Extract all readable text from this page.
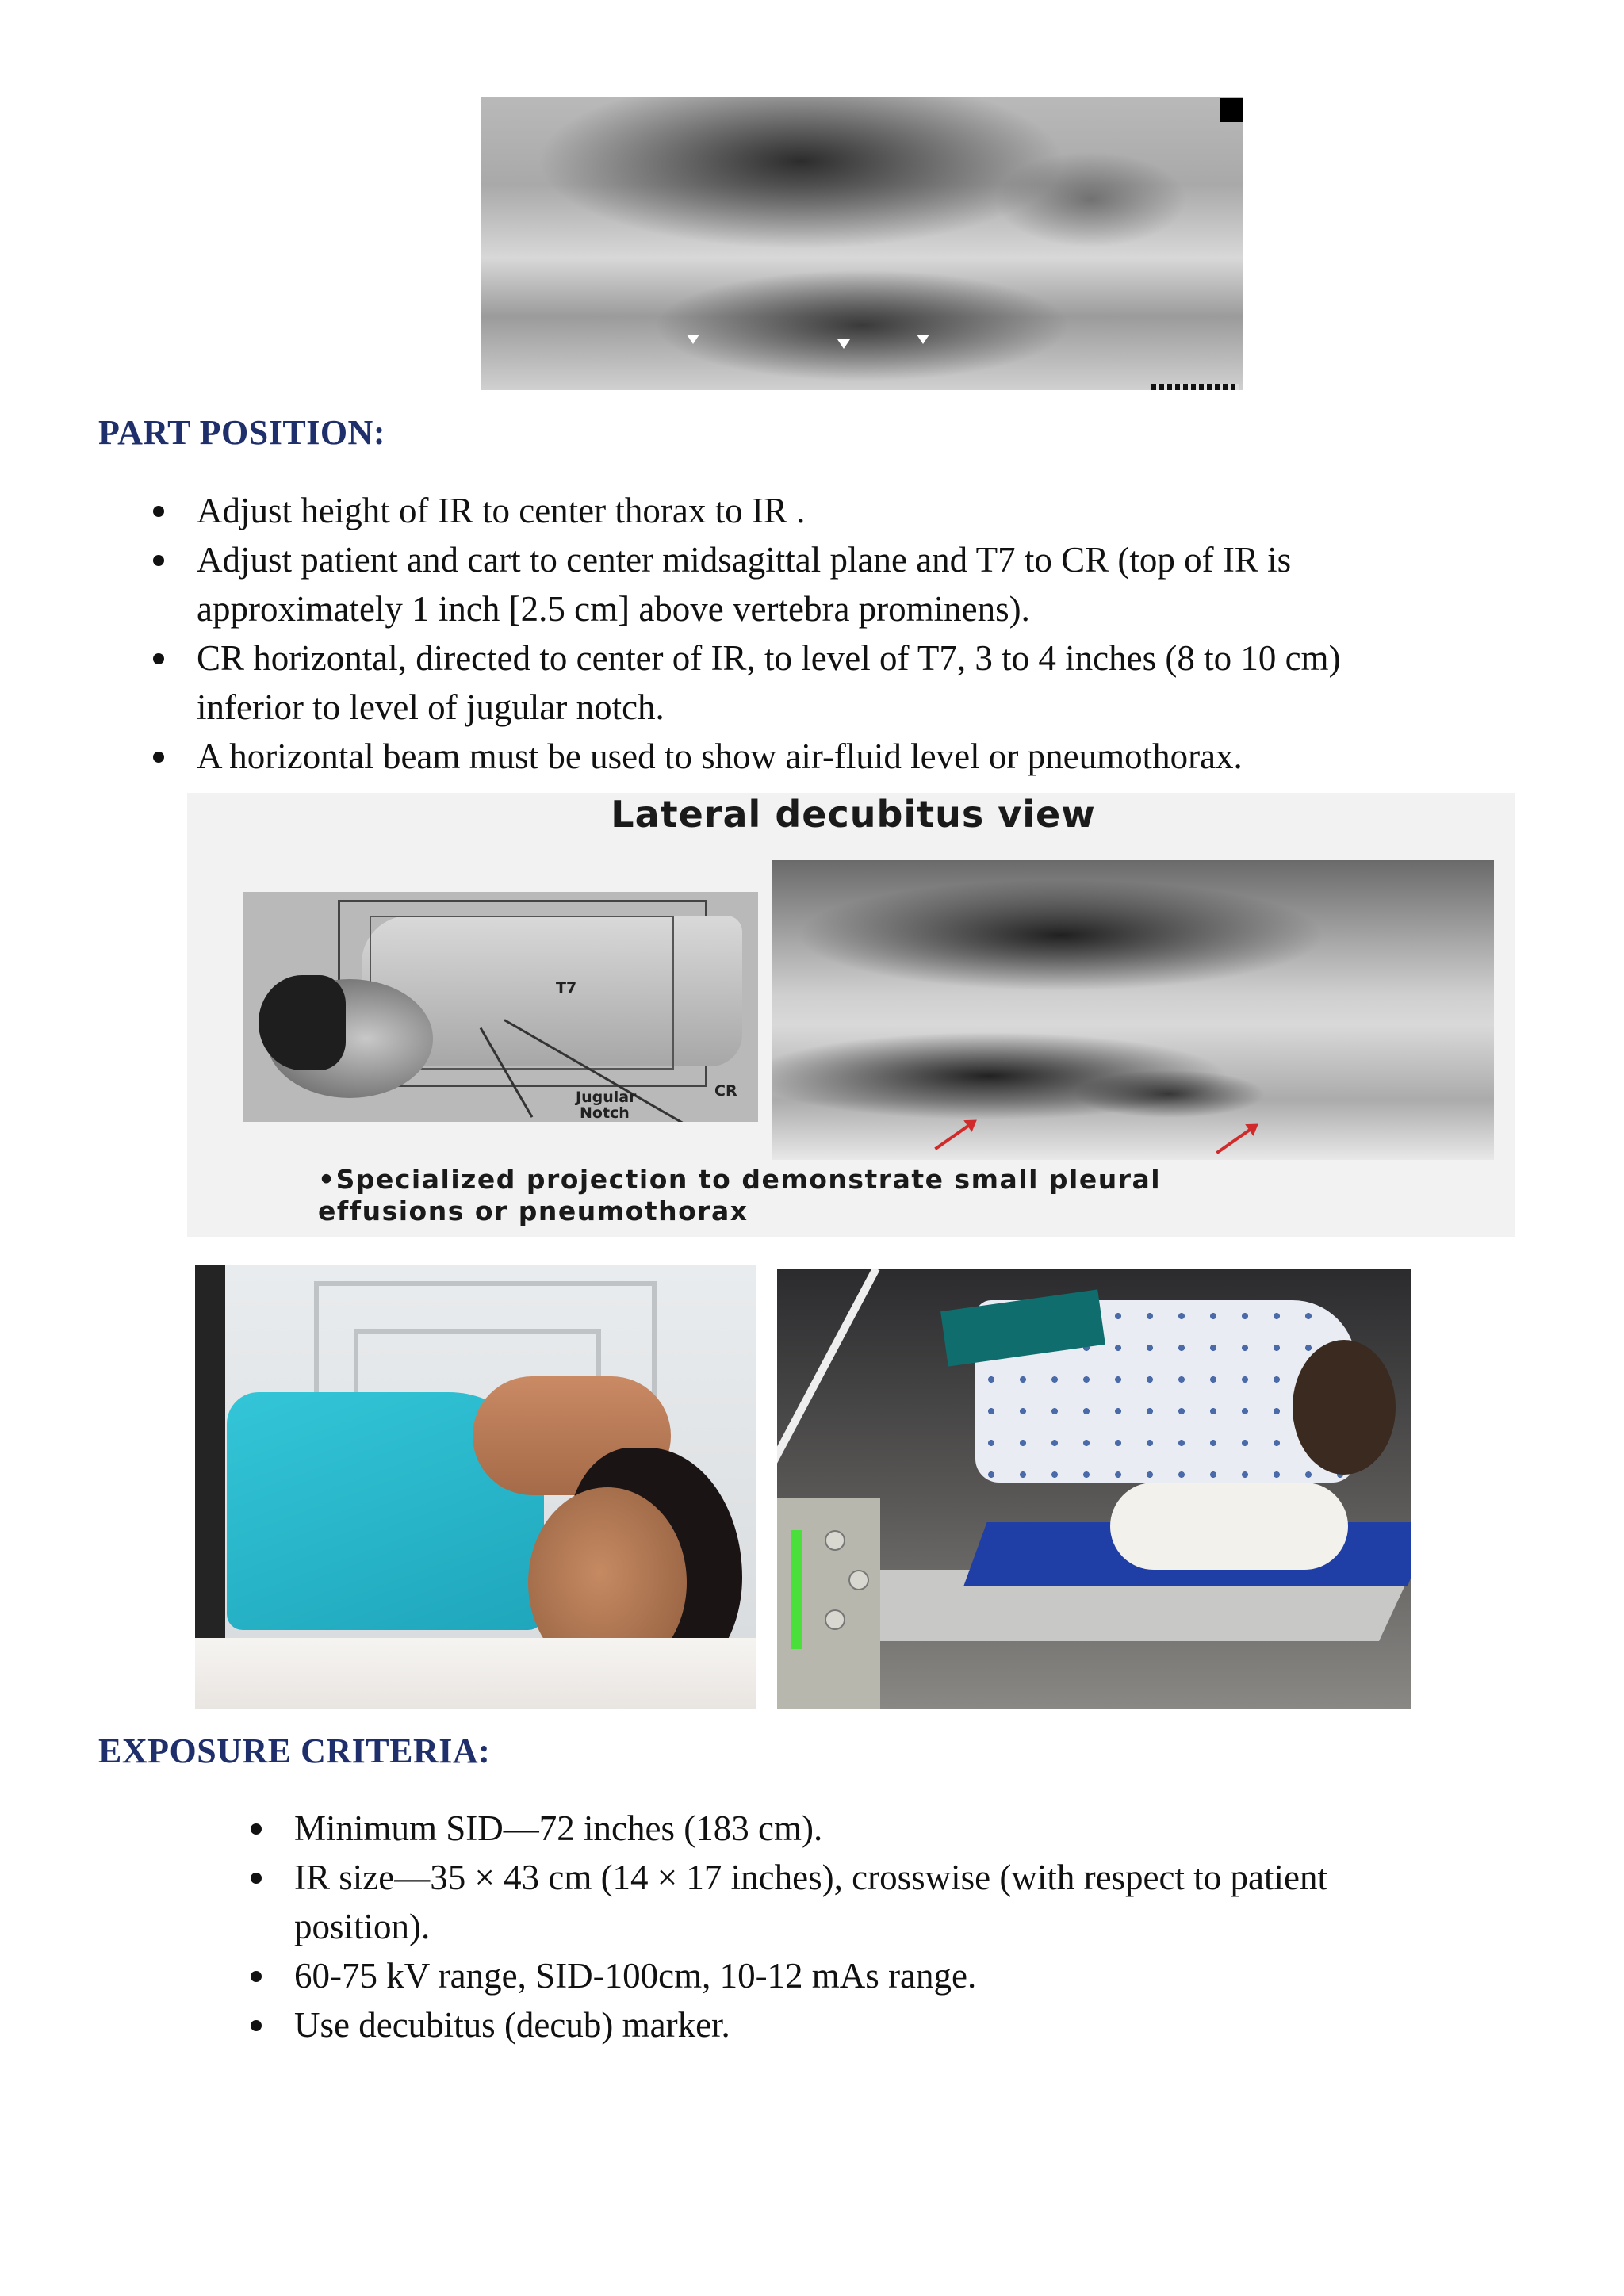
PART POSITION:
Adjust height of IR to center thorax to IR .
Adjust patient and cart to center midsagittal plane and T7 to CR (top of IR is
approximately 1 inch [2.5 cm] above vertebra prominens).
CR horizontal, directed to center of IR, to level of T7, 3 to 4 inches (8 to 10 cm)
inferior to level of jugular notch.
A horizontal beam must be used to show air-fluid level or pneumothorax.
Lateral decubitus view
T7
CR
Jugular
Notch
•Specialized projection to demonstrate small pleural
effusions or pneumothorax
EXPOSURE CRITERIA:
Minimum SID—72 inches (183 cm).
IR size—35 × 43 cm (14 × 17 inches), crosswise (with respect to patient
position).
60-75 kV range, SID-100cm, 10-12 mAs range.
Use decubitus (decub) marker.
